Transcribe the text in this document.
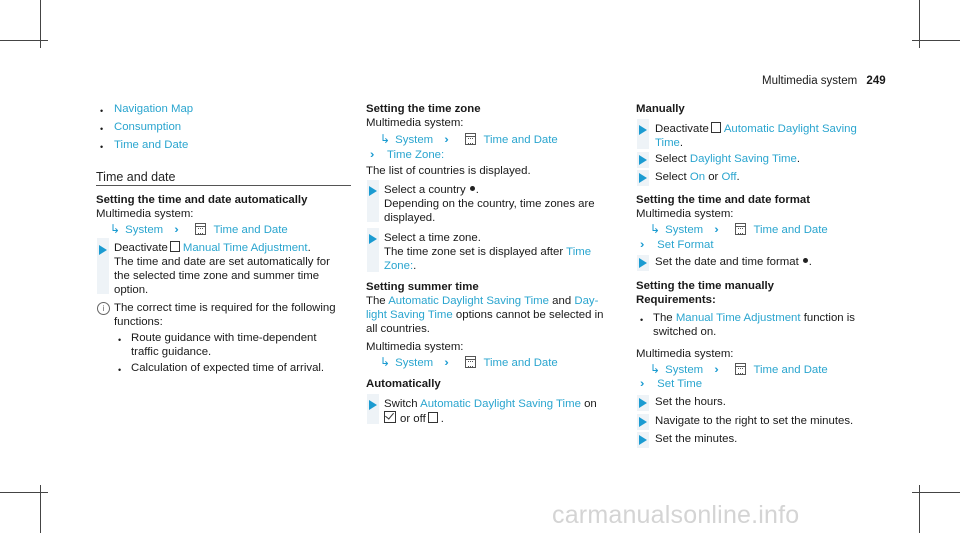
Multimedia system 249
• Navigation Map
• Consumption
• Time and Date
Time and date
Setting the time and date automatically
Multimedia system:
↳ System ››	Time and Date
Deactivate Manual Time Adjustment.
The time and date are set automatically for
the selected time zone and summer time
option.
i The correct time is required for the following
functions:
• Route guidance with time-dependent
traffic guidance.
• Calculation of expected time of arrival.
Setting the time zone
Multimedia system:
↳ System ››	Time and Date
›› Time Zone:
The list of countries is displayed.
Select a country .
Depending on the country, time zones are
displayed.
Select a time zone.
The time zone set is displayed after Time
Zone:.
Setting summer time
The Automatic Daylight Saving Time and Day-
light Saving Time options cannot be selected in
all countries.
Multimedia system:
↳ System ››	Time and Date
Automatically
Switch Automatic Daylight Saving Time on
or off .
Manually
Deactivate Automatic Daylight Saving
Time.
Select Daylight Saving Time.
Select On or Off.
Setting the time and date format
Multimedia system:
↳ System ››	Time and Date
›› Set Format
Set the date and time format .
Setting the time manually
Requirements:
• The Manual Time Adjustment function is
switched on.
Multimedia system:
↳ System ››	Time and Date
›› Set Time
Set the hours.
Navigate to the right to set the minutes.
Set the minutes.
carmanualsonline.info
